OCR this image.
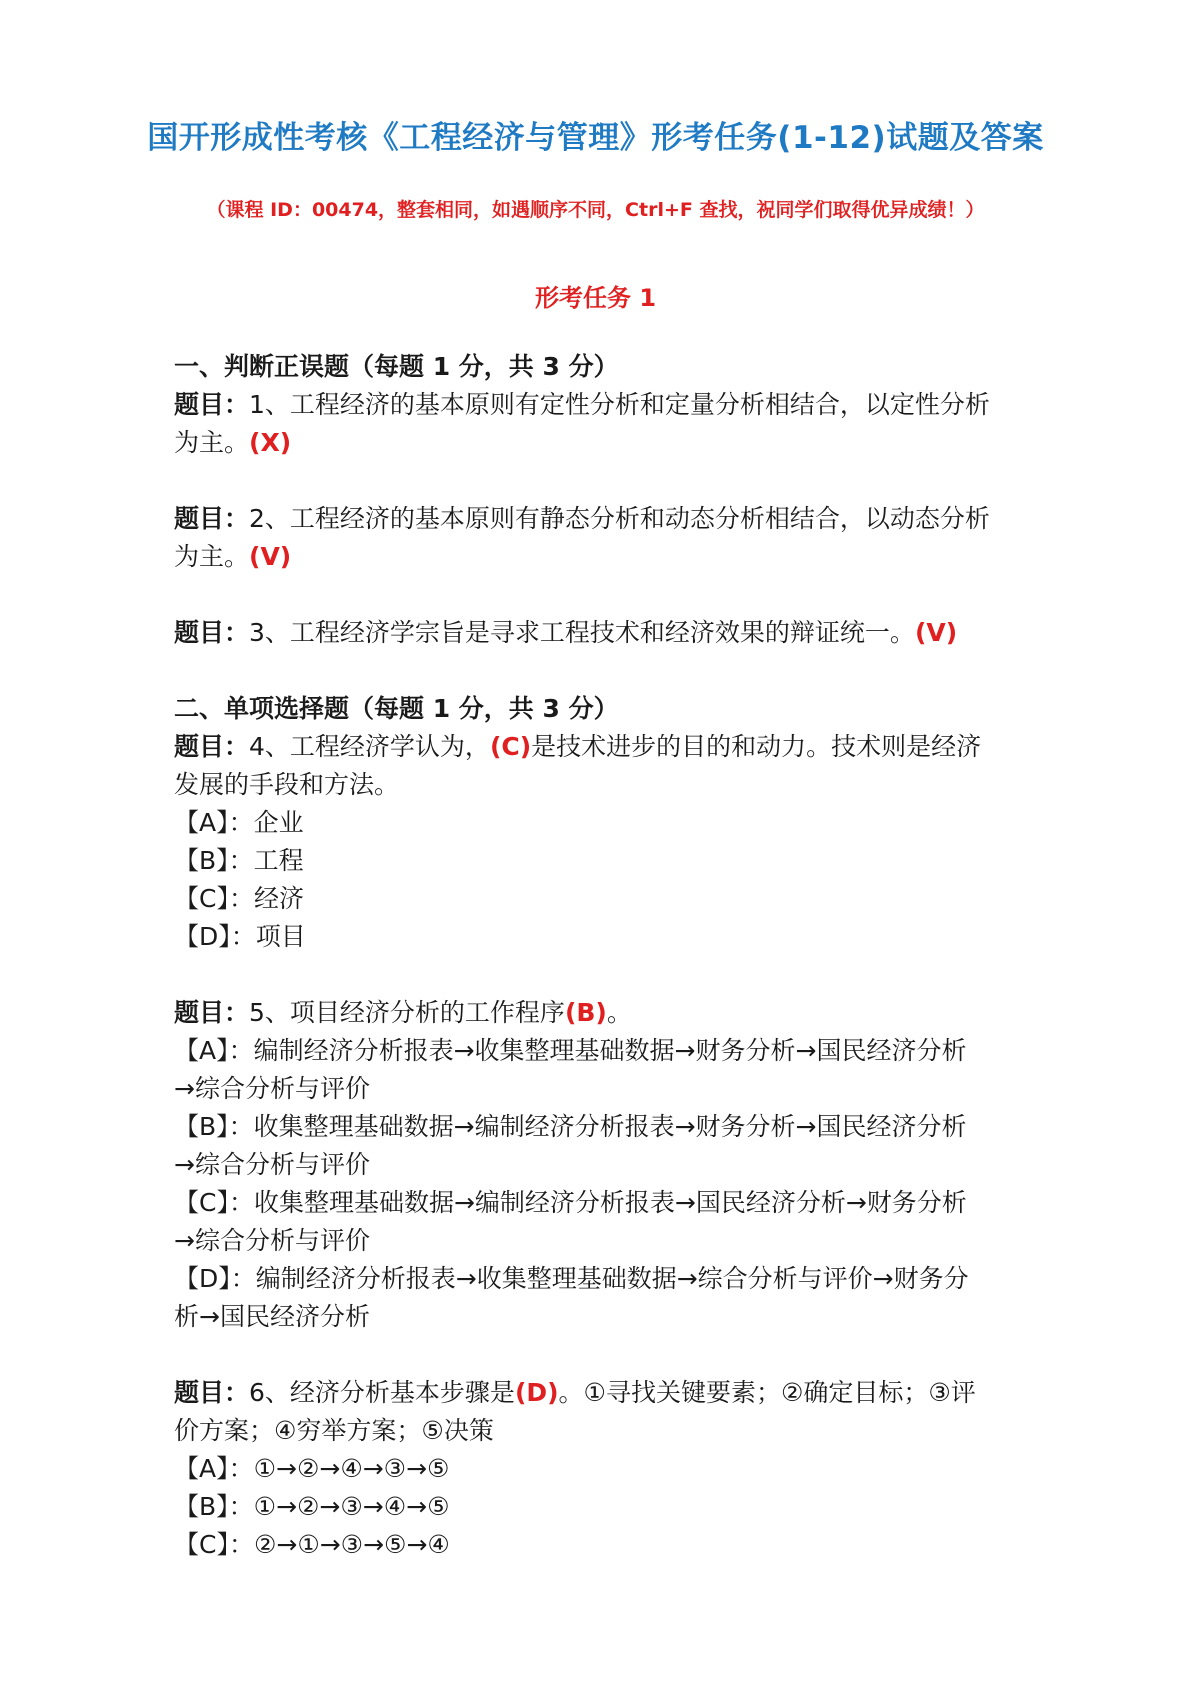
国开形成性考核《工程经济与管理》形考任务(1-12)试题及答案
（课程 ID：00474，整套相同，如遇顺序不同，Ctrl+F 查找，祝同学们取得优异成绩！）
形考任务 1

一、判断正误题（每题 1 分，共 3 分）

题目：1、工程经济的基本原则有定性分析和定量分析相结合，以定性分析

为主。(X)

题目：2、工程经济的基本原则有静态分析和动态分析相结合，以动态分析

为主。(V)

题目：3、工程经济学宗旨是寻求工程技术和经济效果的辩证统一。(V)

二、单项选择题（每题 1 分，共 3 分）

题目：4、工程经济学认为，(C)是技术进步的目的和动力。技术则是经济

发展的手段和方法。

【A】：企业

【B】：工程

【C】：经济

【D】：项目

题目：5、项目经济分析的工作程序(B)。

【A】：编制经济分析报表→收集整理基础数据→财务分析→国民经济分析

→综合分析与评价

【B】：收集整理基础数据→编制经济分析报表→财务分析→国民经济分析

→综合分析与评价

【C】：收集整理基础数据→编制经济分析报表→国民经济分析→财务分析

→综合分析与评价

【D】：编制经济分析报表→收集整理基础数据→综合分析与评价→财务分

析→国民经济分析

题目：6、经济分析基本步骤是(D)。①寻找关键要素；②确定目标；③评

价方案；④穷举方案；⑤决策

【A】：①→②→④→③→⑤

【B】：①→②→③→④→⑤

【C】：②→①→③→⑤→④
